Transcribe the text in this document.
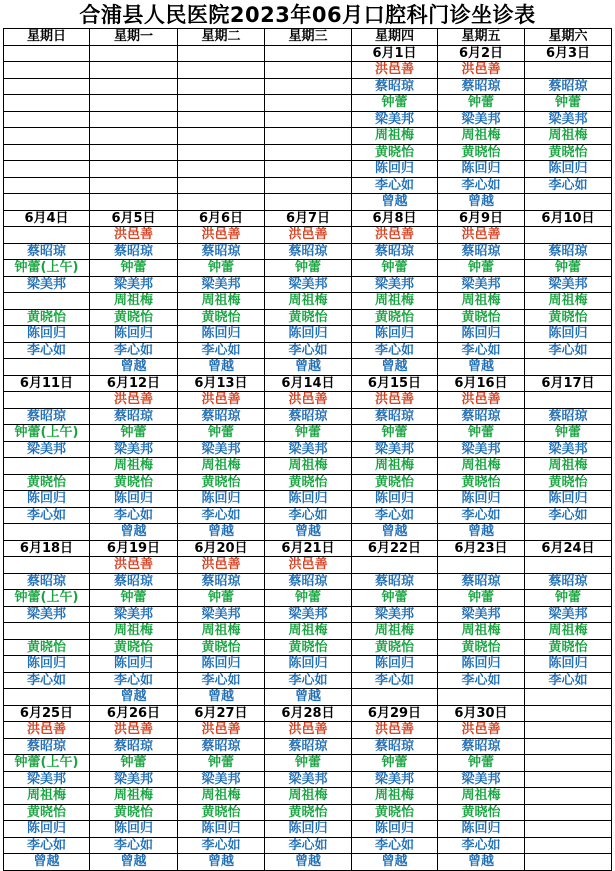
合浦县人民医院2023年06月口腔科门诊坐诊表
星期日	星期一	星期二	星期三	星期四	星期五	星期六
				6月1日	6月2日	6月3日
				洪邑善	洪邑善	
				蔡昭琼	蔡昭琼	蔡昭琼
				钟蕾	钟蕾	钟蕾
				梁美邦	梁美邦	梁美邦
				周祖梅	周祖梅	周祖梅
				黄晓怡	黄晓怡	黄晓怡
				陈回归	陈回归	陈回归
				李心如	李心如	李心如
				曾越	曾越	
6月4日	6月5日	6月6日	6月7日	6月8日	6月9日	6月10日
	洪邑善	洪邑善	洪邑善	洪邑善	洪邑善	
蔡昭琼	蔡昭琼	蔡昭琼	蔡昭琼	蔡昭琼	蔡昭琼	蔡昭琼
钟蕾(上午)	钟蕾	钟蕾	钟蕾	钟蕾	钟蕾	钟蕾
梁美邦	梁美邦	梁美邦	梁美邦	梁美邦	梁美邦	梁美邦
	周祖梅	周祖梅	周祖梅	周祖梅	周祖梅	周祖梅
黄晓怡	黄晓怡	黄晓怡	黄晓怡	黄晓怡	黄晓怡	黄晓怡
陈回归	陈回归	陈回归	陈回归	陈回归	陈回归	陈回归
李心如	李心如	李心如	李心如	李心如	李心如	李心如
	曾越	曾越	曾越	曾越	曾越	
6月11日	6月12日	6月13日	6月14日	6月15日	6月16日	6月17日
	洪邑善	洪邑善	洪邑善	洪邑善	洪邑善	
蔡昭琼	蔡昭琼	蔡昭琼	蔡昭琼	蔡昭琼	蔡昭琼	蔡昭琼
钟蕾(上午)	钟蕾	钟蕾	钟蕾	钟蕾	钟蕾	钟蕾
梁美邦	梁美邦	梁美邦	梁美邦	梁美邦	梁美邦	梁美邦
	周祖梅	周祖梅	周祖梅	周祖梅	周祖梅	周祖梅
黄晓怡	黄晓怡	黄晓怡	黄晓怡	黄晓怡	黄晓怡	黄晓怡
陈回归	陈回归	陈回归	陈回归	陈回归	陈回归	陈回归
李心如	李心如	李心如	李心如	李心如	李心如	李心如
	曾越	曾越	曾越	曾越	曾越	
6月18日	6月19日	6月20日	6月21日	6月22日	6月23日	6月24日
	洪邑善	洪邑善	洪邑善			
蔡昭琼	蔡昭琼	蔡昭琼	蔡昭琼	蔡昭琼	蔡昭琼	蔡昭琼
钟蕾(上午)	钟蕾	钟蕾	钟蕾	钟蕾	钟蕾	钟蕾
梁美邦	梁美邦	梁美邦	梁美邦	梁美邦	梁美邦	梁美邦
	周祖梅	周祖梅	周祖梅	周祖梅	周祖梅	周祖梅
黄晓怡	黄晓怡	黄晓怡	黄晓怡	黄晓怡	黄晓怡	黄晓怡
陈回归	陈回归	陈回归	陈回归	陈回归	陈回归	陈回归
李心如	李心如	李心如	李心如	李心如	李心如	李心如
	曾越	曾越	曾越			
6月25日	6月26日	6月27日	6月28日	6月29日	6月30日	
洪邑善	洪邑善	洪邑善	洪邑善	洪邑善	洪邑善	
蔡昭琼	蔡昭琼	蔡昭琼	蔡昭琼	蔡昭琼	蔡昭琼	
钟蕾(上午)	钟蕾	钟蕾	钟蕾	钟蕾	钟蕾	
梁美邦	梁美邦	梁美邦	梁美邦	梁美邦	梁美邦	
周祖梅	周祖梅	周祖梅	周祖梅	周祖梅	周祖梅	
黄晓怡	黄晓怡	黄晓怡	黄晓怡	黄晓怡	黄晓怡	
陈回归	陈回归	陈回归	陈回归	陈回归	陈回归	
李心如	李心如	李心如	李心如	李心如	李心如	
曾越	曾越	曾越	曾越	曾越	曾越	
